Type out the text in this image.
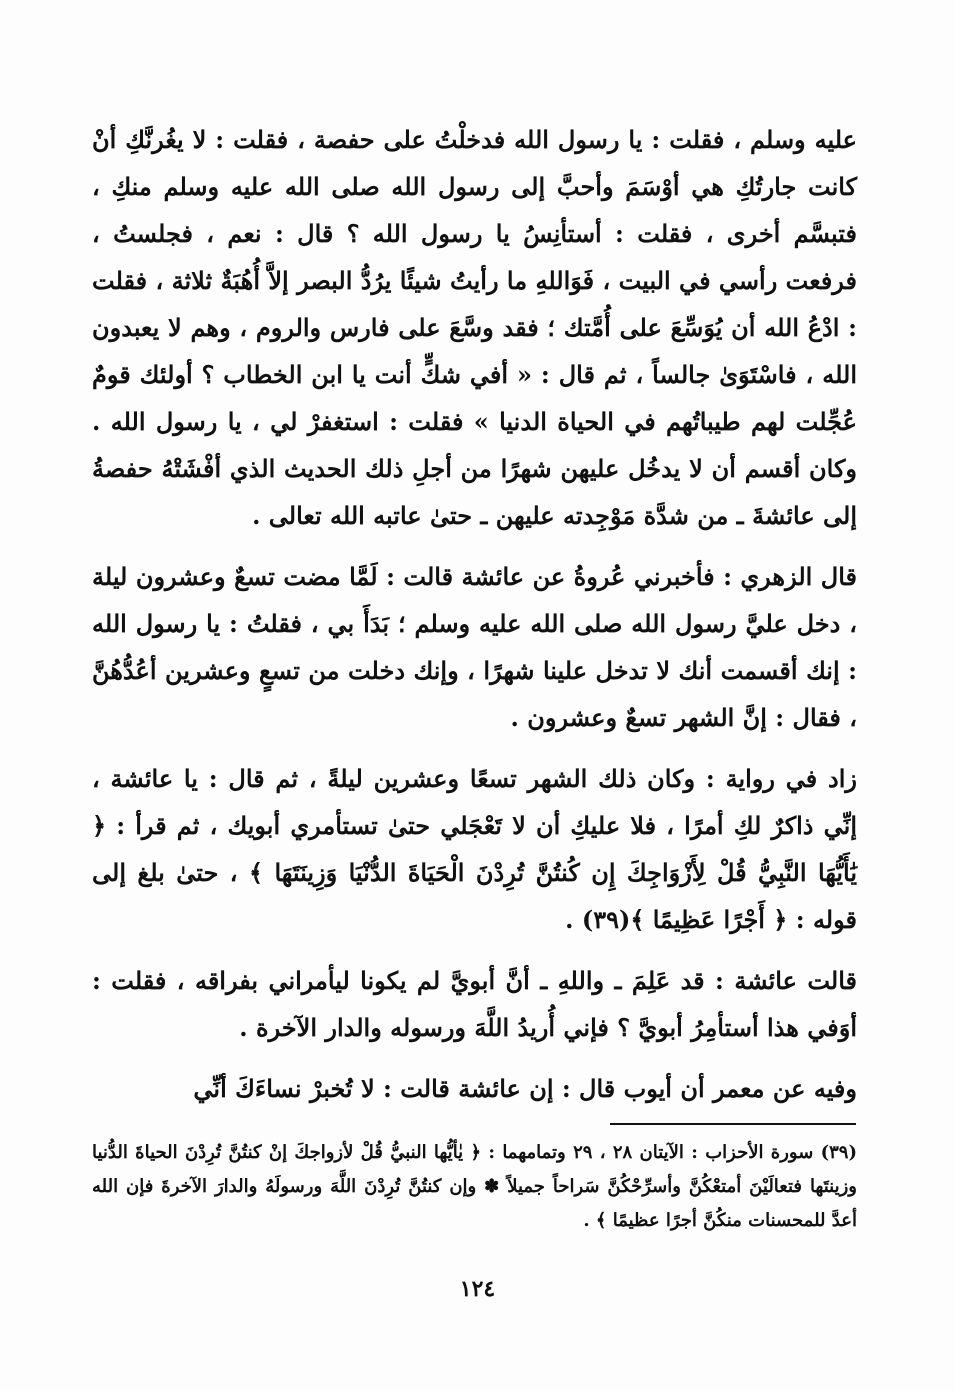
عليه وسلم ، فقلت : يا رسول الله فدخلْتُ على حفصة ، فقلت : لا يغُرنَّكِ أنْ كانت جارتُكِ هي أوْسَمَ وأحبَّ إلى رسول الله صلى الله عليه وسلم منكِ ، فتبسَّم أخرى ، فقلت : أستأنِسُ يا رسول الله ؟ قال : نعم ، فجلستُ ، فرفعت رأسي في البيت ، فَوَاللهِ ما رأيتُ شيئًا يرُدُّ البصر إلاَّ أُهُبَةٌ ثلاثة ، فقلت : ادْعُ الله أن يُوَسِّعَ على أُمَّتك ؛ فقد وسَّعَ على فارس والروم ، وهم لا يعبدون الله ، فاسْتَوَىٰ جالساً ، ثم قال : « أفي شكٍّ أنت يا ابن الخطاب ؟ أولئك قومٌ عُجِّلت لهم طيباتُهم في الحياة الدنيا » فقلت : استغفرْ لي ، يا رسول الله . وكان أقسم أن لا يدخُل عليهن شهرًا من أجلِ ذلك الحديث الذي أفْشَتْهُ حفصةُ إلى عائشةَ ـ من شدَّة مَوْجِدته عليهن ـ حتىٰ عاتبه الله تعالى .

قال الزهري : فأخبرني عُروةُ عن عائشة قالت : لَمَّا مضت تسعٌ وعشرون ليلة ، دخل عليَّ رسول الله صلى الله عليه وسلم ؛ بَدَأَ بي ، فقلتُ : يا رسول الله : إنك أقسمت أنك لا تدخل علينا شهرًا ، وإنك دخلت من تسعٍ وعشرين أعُدُّهُنَّ ، فقال : إنَّ الشهر تسعٌ وعشرون .

زاد في رواية : وكان ذلك الشهر تسعًا وعشرين ليلةً ، ثم قال : يا عائشة ، إنِّي ذاكرٌ لكِ أمرًا ، فلا عليكِ أن لا تَعْجَلي حتىٰ تستأمري أبويك ، ثم قرأ : ﴿ يَٰأَيُّهَا النَّبِيُّ قُلْ لِأَزْوَاجِكَ إِن كُنتُنَّ تُرِدْنَ الْحَيَاةَ الدُّنْيَا وَزِينَتَهَا ﴾ ، حتىٰ بلغ إلى قوله : ﴿ أَجْرًا عَظِيمًا ﴾(٣٩) .

قالت عائشة : قد عَلِمَ ـ واللهِ ـ أنَّ أبويَّ لم يكونا ليأمراني بفراقه ، فقلت : أوَفي هذا أستأمِرُ أبويَّ ؟ فإني أُريدُ اللَّهَ ورسوله والدار الآخرة .

وفيه عن معمر أن أيوب قال : إن عائشة قالت : لا تُخبرْ نساءَكَ أنِّي

(٣٩) سورة الأحزاب : الآيتان ٢٨ ، ٢٩ وتمامهما : ﴿ يٰأيُّها النبيُّ قُلْ لأزواجكَ إنْ كنتُنَّ تُرِدْنَ الحياةَ الدُّنيا وزينتَها فتعالَيْنَ أمتعْكُنَّ وأسرِّحْكُنَّ سَراحاً جميلاً ✽ وإن كنتُنَّ تُرِدْنَ اللَّهَ ورسولَهُ والدارَ الآخرةَ فإن الله أعدَّ للمحسنات منكُنَّ أجرًا عظيمًا ﴾ .

١٢٤
